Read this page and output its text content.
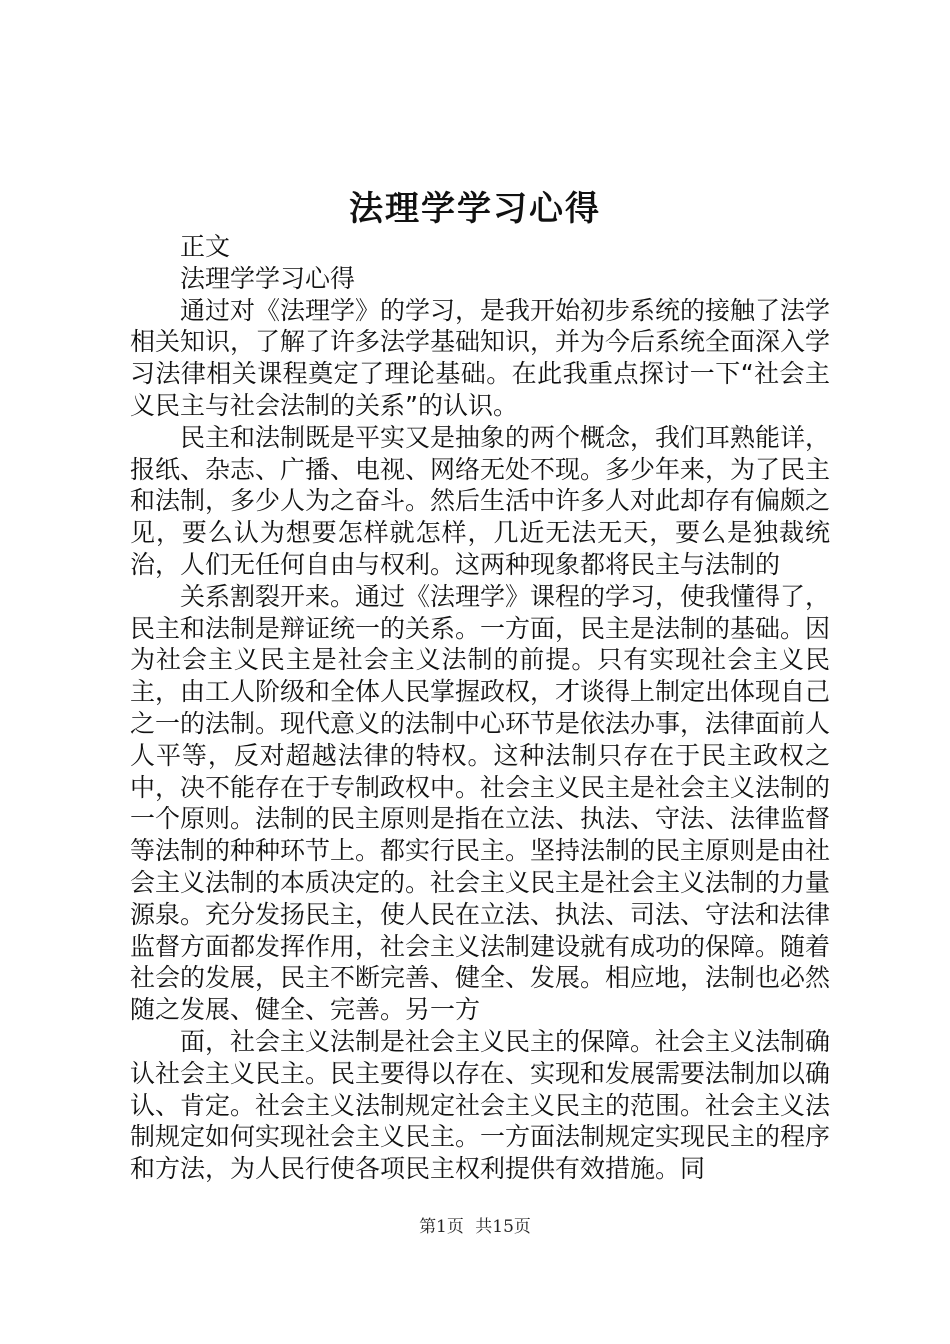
法理学学习心得

正文

法理学学习心得

通过对《法理学》的学习，是我开始初步系统的接触了法学相关知识，了解了许多法学基础知识，并为今后系统全面深入学习法律相关课程奠定了理论基础。在此我重点探讨一下“社会主义民主与社会法制的关系”的认识。

民主和法制既是平实又是抽象的两个概念，我们耳熟能详，报纸、杂志、广播、电视、网络无处不现。多少年来，为了民主和法制，多少人为之奋斗。然后生活中许多人对此却存有偏颇之见，要么认为想要怎样就怎样，几近无法无天，要么是独裁统治，人们无任何自由与权利。这两种现象都将民主与法制的

关系割裂开来。通过《法理学》课程的学习，使我懂得了，民主和法制是辩证统一的关系。一方面，民主是法制的基础。因为社会主义民主是社会主义法制的前提。只有实现社会主义民主，由工人阶级和全体人民掌握政权，才谈得上制定出体现自己之一的法制。现代意义的法制中心环节是依法办事，法律面前人人平等，反对超越法律的特权。这种法制只存在于民主政权之中，决不能存在于专制政权中。社会主义民主是社会主义法制的一个原则。法制的民主原则是指在立法、执法、守法、法律监督等法制的种种环节上。都实行民主。坚持法制的民主原则是由社会主义法制的本质决定的。社会主义民主是社会主义法制的力量源泉。充分发扬民主，使人民在立法、执法、司法、守法和法律监督方面都发挥作用，社会主义法制建设就有成功的保障。随着社会的发展，民主不断完善、健全、发展。相应地，法制也必然随之发展、健全、完善。另一方

面，社会主义法制是社会主义民主的保障。社会主义法制确认社会主义民主。民主要得以存在、实现和发展需要法制加以确认、肯定。社会主义法制规定社会主义民主的范围。社会主义法制规定如何实现社会主义民主。一方面法制规定实现民主的程序和方法，为人民行使各项民主权利提供有效措施。同

第1页 共15页
